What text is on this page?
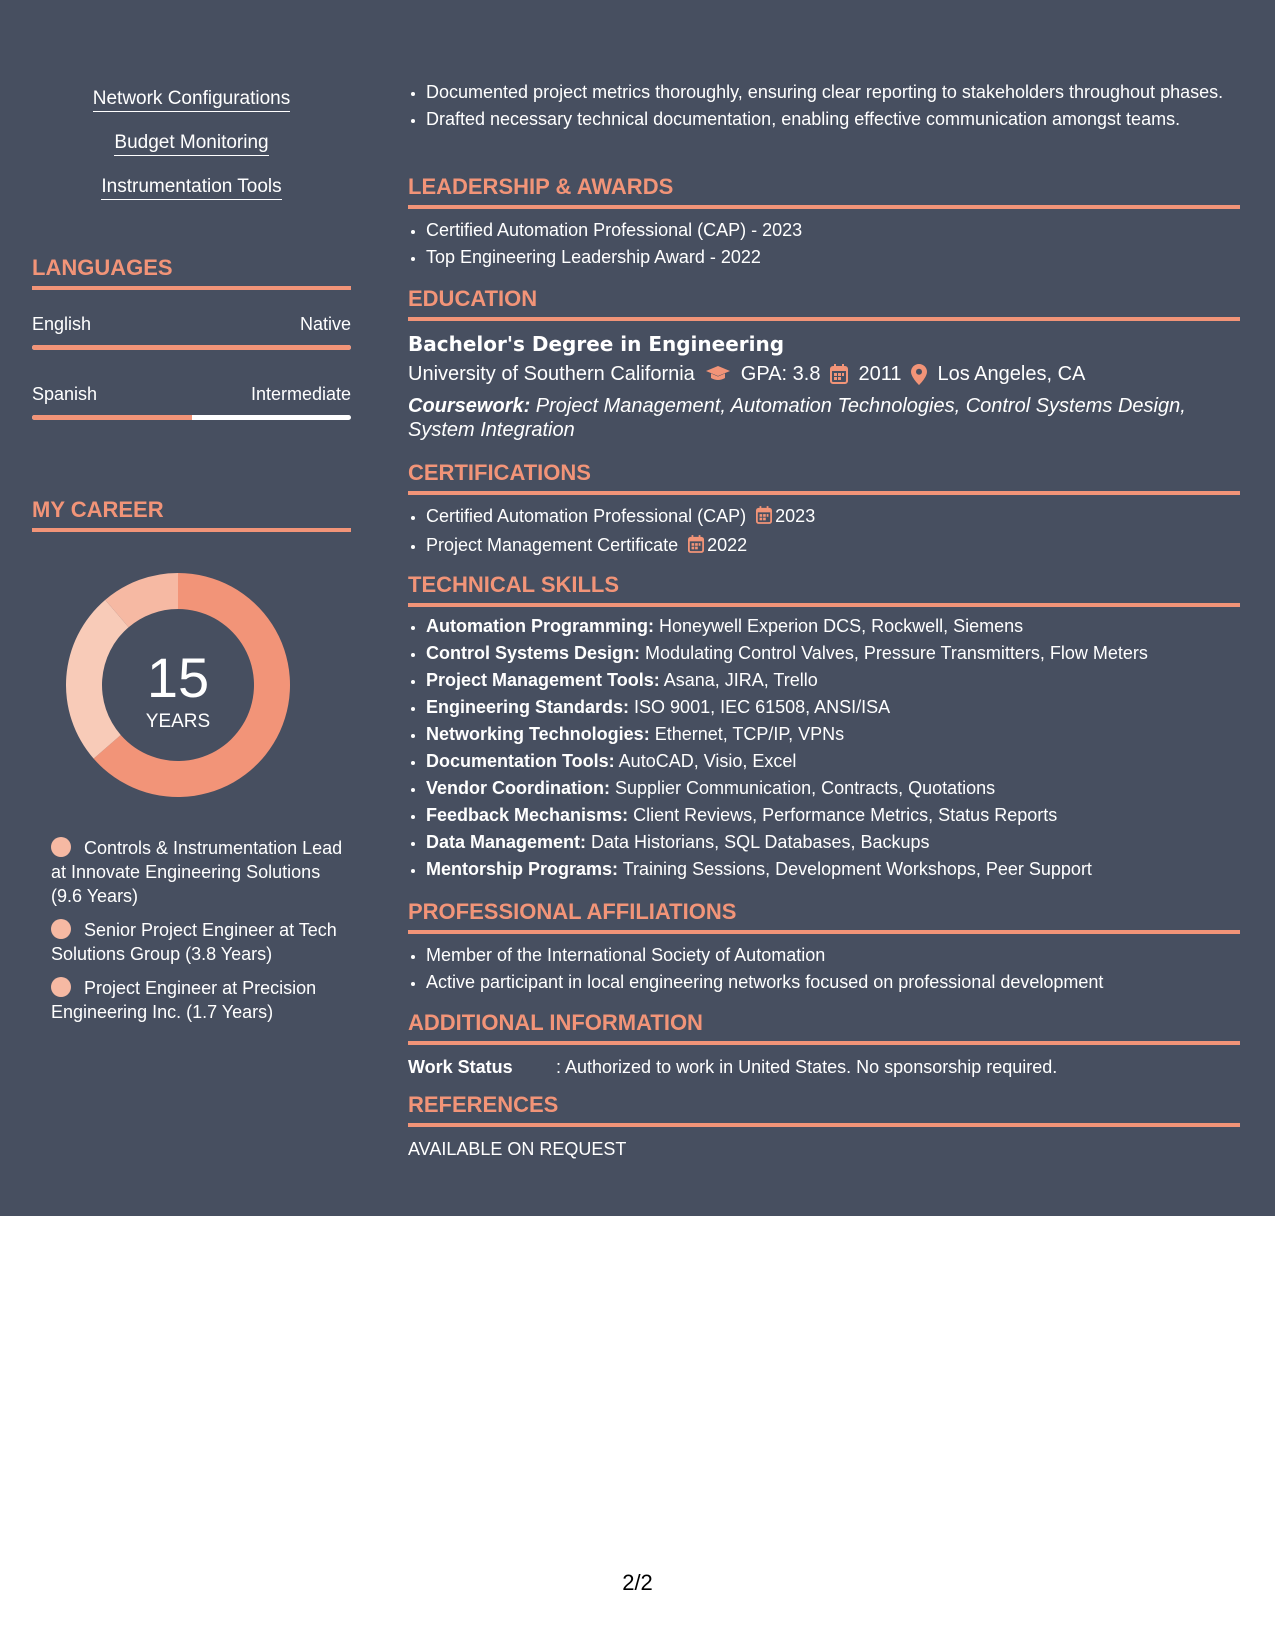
Network Configurations
Budget Monitoring
Instrumentation Tools
LANGUAGES
English	Native
Spanish	Intermediate
MY CAREER
15
YEARS
Controls & Instrumentation Lead at Innovate Engineering Solutions (9.6 Years)
Senior Project Engineer at Tech Solutions Group (3.8 Years)
Project Engineer at Precision Engineering Inc. (1.7 Years)
• Documented project metrics thoroughly, ensuring clear reporting to stakeholders throughout phases.
• Drafted necessary technical documentation, enabling effective communication amongst teams.
LEADERSHIP & AWARDS
• Certified Automation Professional (CAP) - 2023
• Top Engineering Leadership Award - 2022
EDUCATION
Bachelor's Degree in Engineering
University of Southern California GPA: 3.8 2011 Los Angeles, CA
Coursework: Project Management, Automation Technologies, Control Systems Design, System Integration
CERTIFICATIONS
• Certified Automation Professional (CAP) 2023
• Project Management Certificate 2022
TECHNICAL SKILLS
• Automation Programming: Honeywell Experion DCS, Rockwell, Siemens
• Control Systems Design: Modulating Control Valves, Pressure Transmitters, Flow Meters
• Project Management Tools: Asana, JIRA, Trello
• Engineering Standards: ISO 9001, IEC 61508, ANSI/ISA
• Networking Technologies: Ethernet, TCP/IP, VPNs
• Documentation Tools: AutoCAD, Visio, Excel
• Vendor Coordination: Supplier Communication, Contracts, Quotations
• Feedback Mechanisms: Client Reviews, Performance Metrics, Status Reports
• Data Management: Data Historians, SQL Databases, Backups
• Mentorship Programs: Training Sessions, Development Workshops, Peer Support
PROFESSIONAL AFFILIATIONS
• Member of the International Society of Automation
• Active participant in local engineering networks focused on professional development
ADDITIONAL INFORMATION
Work Status	: Authorized to work in United States. No sponsorship required.
REFERENCES
AVAILABLE ON REQUEST
2/2
